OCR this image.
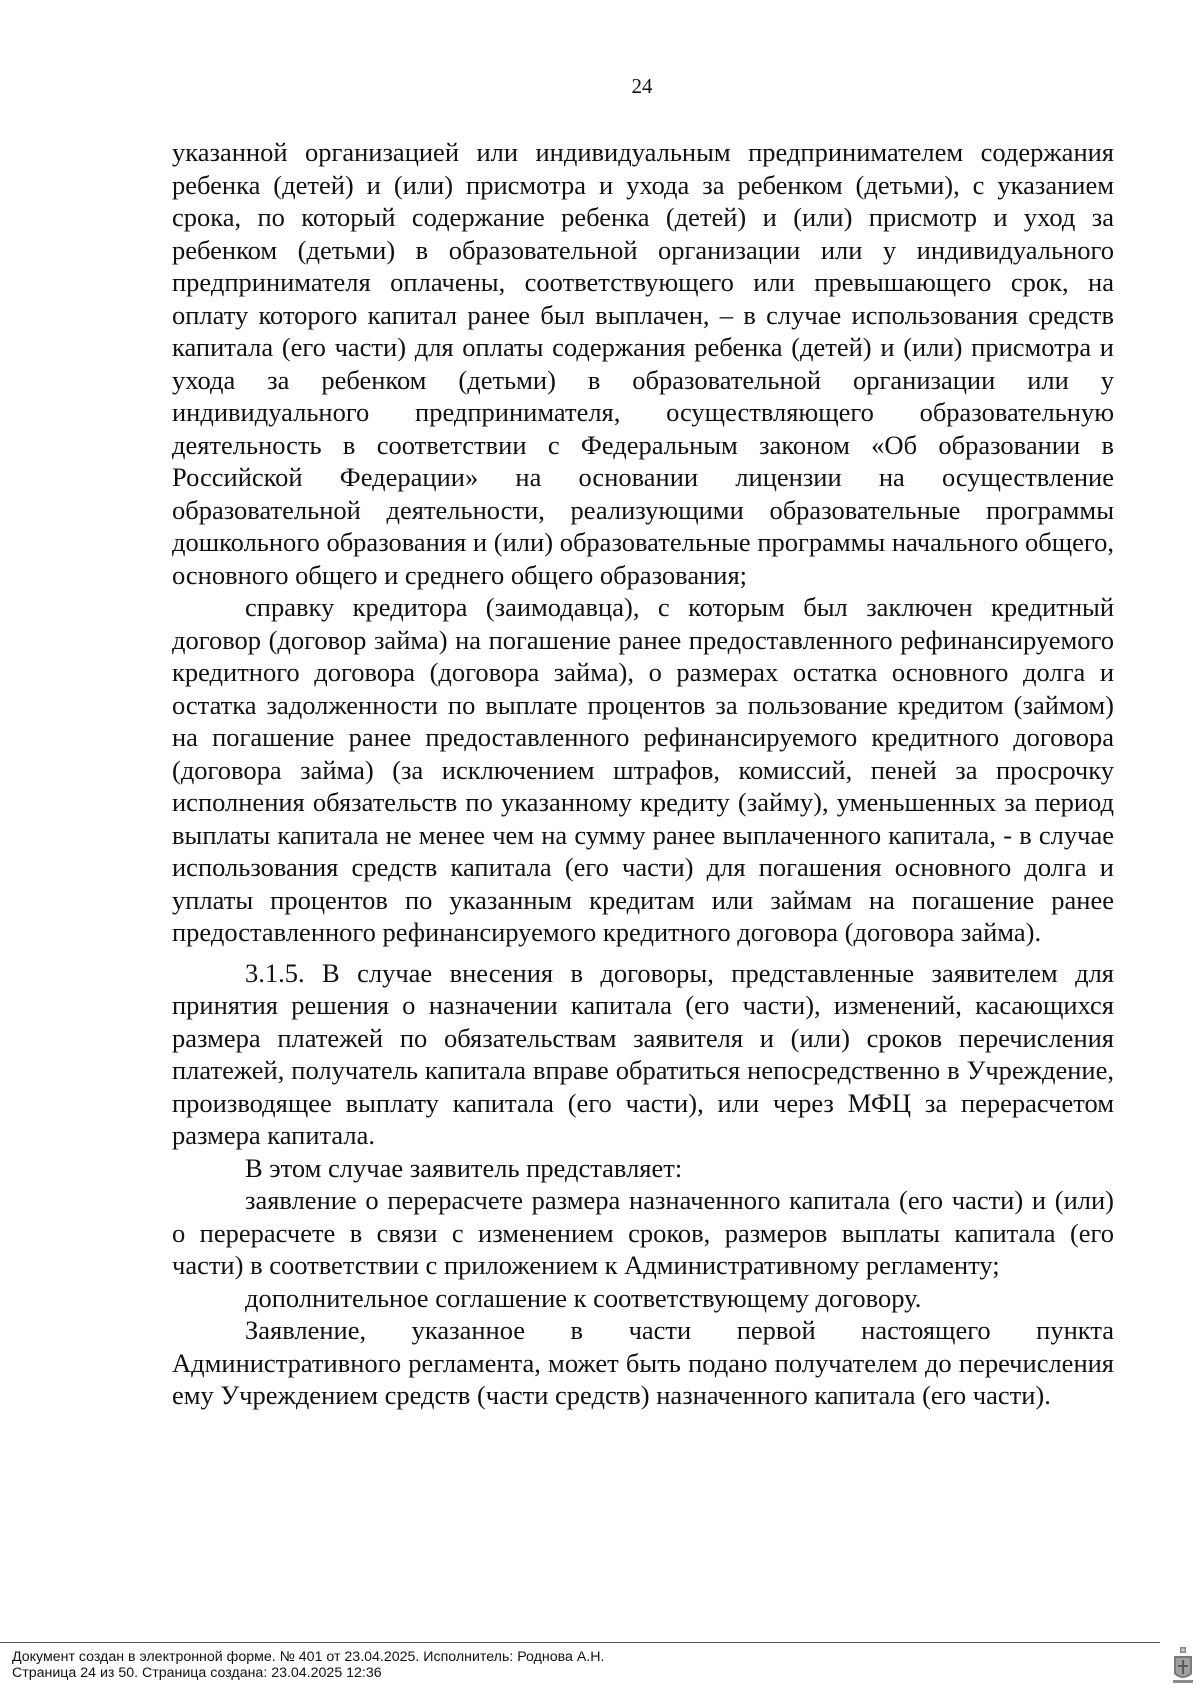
24

указанной организацией или индивидуальным предпринимателем содержания ребенка (детей) и (или) присмотра и ухода за ребенком (детьми), с указанием срока, по который содержание ребенка (детей) и (или) присмотр и уход за ребенком (детьми) в образовательной организации или у индивидуального предпринимателя оплачены, соответствующего или превышающего срок, на оплату которого капитал ранее был выплачен, – в случае использования средств капитала (его части) для оплаты содержания ребенка (детей) и (или) присмотра и ухода за ребенком (детьми) в образовательной организации или у индивидуального предпринимателя, осуществляющего образовательную деятельность в соответствии с Федеральным законом «Об образовании в Российской Федерации» на основании лицензии на осуществление образовательной деятельности, реализующими образовательные программы дошкольного образования и (или) образовательные программы начального общего, основного общего и среднего общего образования;

справку кредитора (заимодавца), с которым был заключен кредитный договор (договор займа) на погашение ранее предоставленного рефинансируемого кредитного договора (договора займа), о размерах остатка основного долга и остатка задолженности по выплате процентов за пользование кредитом (займом) на погашение ранее предоставленного рефинансируемого кредитного договора (договора займа) (за исключением штрафов, комиссий, пеней за просрочку исполнения обязательств по указанному кредиту (займу), уменьшенных за период выплаты капитала не менее чем на сумму ранее выплаченного капитала, - в случае использования средств капитала (его части) для погашения основного долга и уплаты процентов по указанным кредитам или займам на погашение ранее предоставленного рефинансируемого кредитного договора (договора займа).

3.1.5. В случае внесения в договоры, представленные заявителем для принятия решения о назначении капитала (его части), изменений, касающихся размера платежей по обязательствам заявителя и (или) сроков перечисления платежей, получатель капитала вправе обратиться непосредственно в Учреждение, производящее выплату капитала (его части), или через МФЦ за перерасчетом размера капитала.

В этом случае заявитель представляет:

заявление о перерасчете размера назначенного капитала (его части) и (или) о перерасчете в связи с изменением сроков, размеров выплаты капитала (его части) в соответствии с приложением к Административному регламенту;

дополнительное соглашение к соответствующему договору.

Заявление, указанное в части первой настоящего пункта Административного регламента, может быть подано получателем до перечисления ему Учреждением средств (части средств) назначенного капитала (его части).

Документ создан в электронной форме. № 401 от 23.04.2025. Исполнитель: Роднова А.Н.
Страница 24 из 50. Страница создана: 23.04.2025 12:36
